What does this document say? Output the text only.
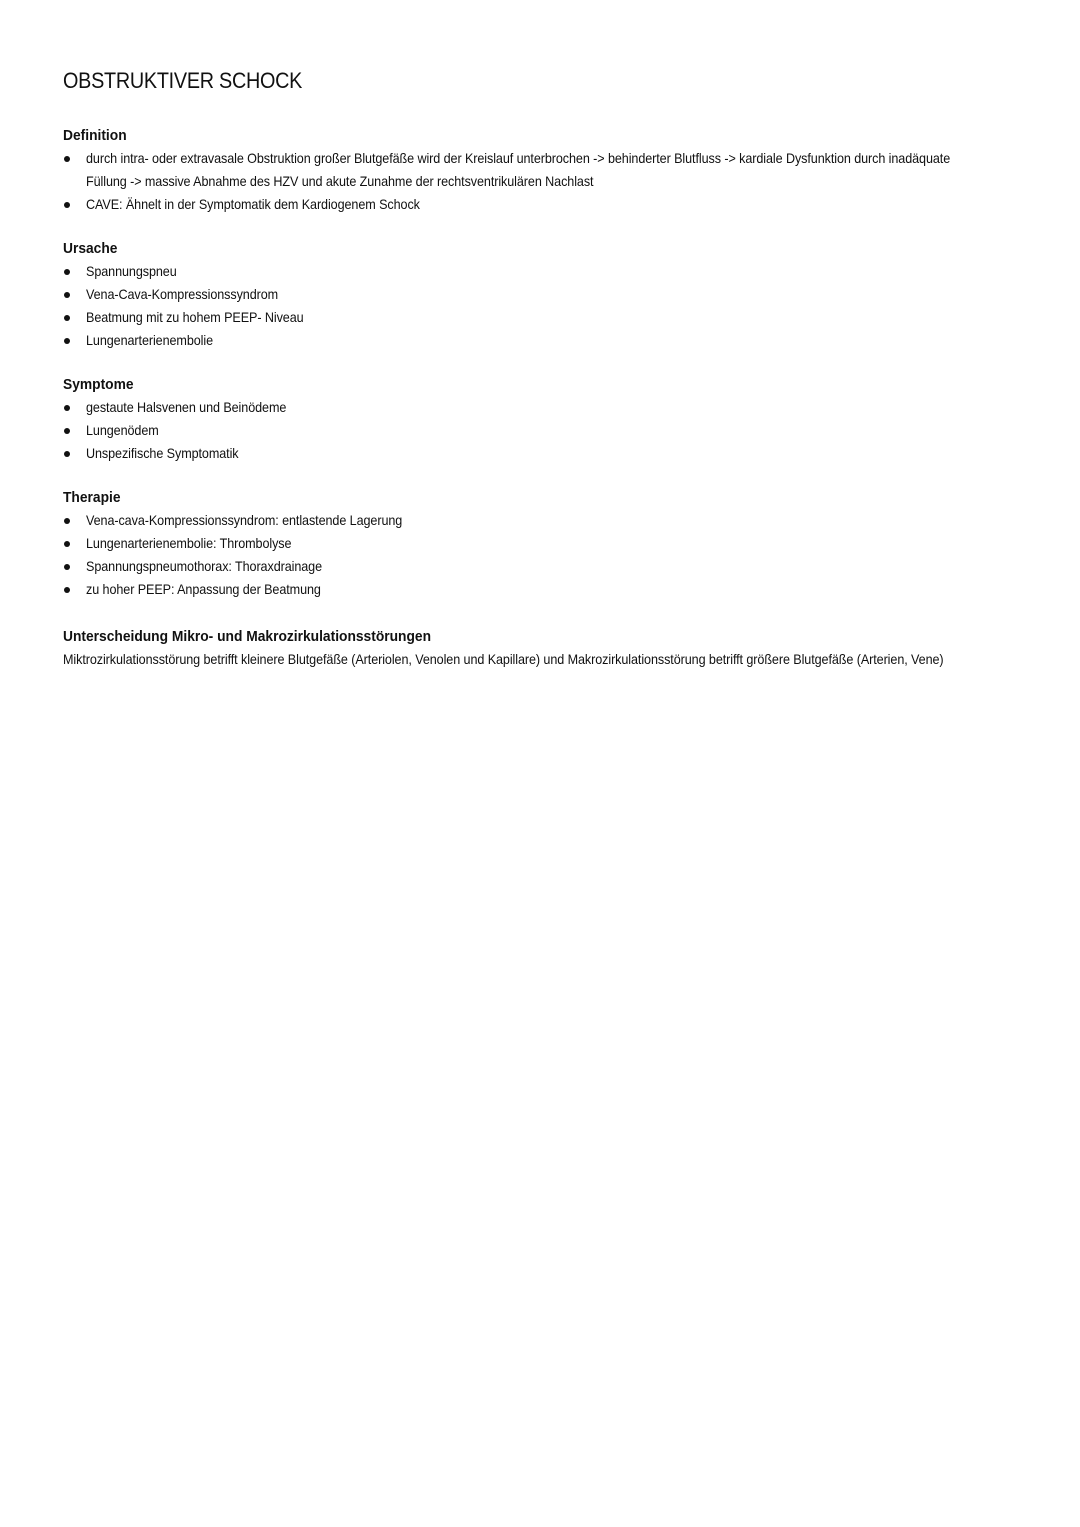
OBSTRUKTIVER SCHOCK
Definition
durch intra- oder extravasale Obstruktion großer Blutgefäße wird der Kreislauf unterbrochen -> behinderter Blutfluss -> kardiale Dysfunktion durch inadäquate Füllung -> massive Abnahme des HZV und akute Zunahme der rechtsventrikulären Nachlast
CAVE: Ähnelt in der Symptomatik dem Kardiogenem Schock
Ursache
Spannungspneu
Vena-Cava-Kompressionssyndrom
Beatmung mit zu hohem PEEP- Niveau
Lungenarterienembolie
Symptome
gestaute Halsvenen und Beinödeme
Lungenödem
Unspezifische Symptomatik
Therapie
Vena-cava-Kompressionssyndrom: entlastende Lagerung
Lungenarterienembolie: Thrombolyse
Spannungspneumothorax: Thoraxdrainage
zu hoher PEEP: Anpassung der Beatmung
Unterscheidung Mikro- und Makrozirkulationsstörungen

Miktrozirkulationsstörung betrifft kleinere Blutgefäße (Arteriolen, Venolen und Kapillare) und Makrozirkulationsstörung betrifft größere Blutgefäße (Arterien, Vene)
